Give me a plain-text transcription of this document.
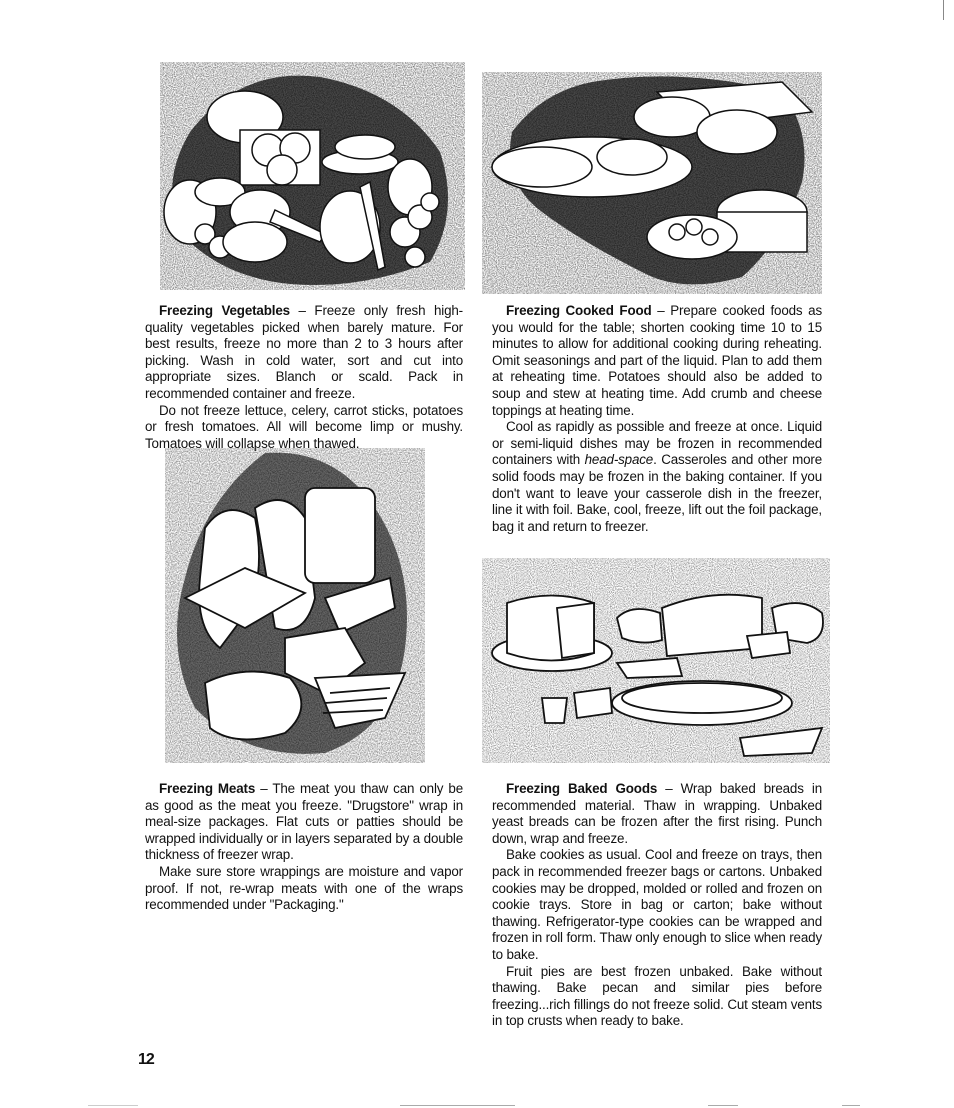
Freezing Vegetables – Freeze only fresh high-quality vegetables picked when barely mature. For best results, freeze no more than 2 to 3 hours after picking. Wash in cold water, sort and cut into appropriate sizes. Blanch or scald. Pack in recommended container and freeze.

Do not freeze lettuce, celery, carrot sticks, potatoes or fresh tomatoes. All will become limp or mushy. Tomatoes will collapse when thawed.

Freezing Cooked Food – Prepare cooked foods as you would for the table; shorten cooking time 10 to 15 minutes to allow for additional cooking during reheating. Omit seasonings and part of the liquid. Plan to add them at reheating time. Potatoes should also be added to soup and stew at heating time. Add crumb and cheese toppings at heating time.

Cool as rapidly as possible and freeze at once. Liquid or semi-liquid dishes may be frozen in recommended containers with head-space. Casseroles and other more solid foods may be frozen in the baking container. If you don't want to leave your casserole dish in the freezer, line it with foil. Bake, cool, freeze, lift out the foil package, bag it and return to freezer.

Freezing Meats – The meat you thaw can only be as good as the meat you freeze. "Drugstore" wrap in meal-size packages. Flat cuts or patties should be wrapped individually or in layers separated by a double thickness of freezer wrap.

Make sure store wrappings are moisture and vapor proof. If not, re-wrap meats with one of the wraps recommended under "Packaging."

Freezing Baked Goods – Wrap baked breads in recommended material. Thaw in wrapping. Unbaked yeast breads can be frozen after the first rising. Punch down, wrap and freeze.

Bake cookies as usual. Cool and freeze on trays, then pack in recommended freezer bags or cartons. Unbaked cookies may be dropped, molded or rolled and frozen on cookie trays. Store in bag or carton; bake without thawing. Refrigerator-type cookies can be wrapped and frozen in roll form. Thaw only enough to slice when ready to bake.

Fruit pies are best frozen unbaked. Bake without thawing. Bake pecan and similar pies before freezing...rich fillings do not freeze solid. Cut steam vents in top crusts when ready to bake.

12
